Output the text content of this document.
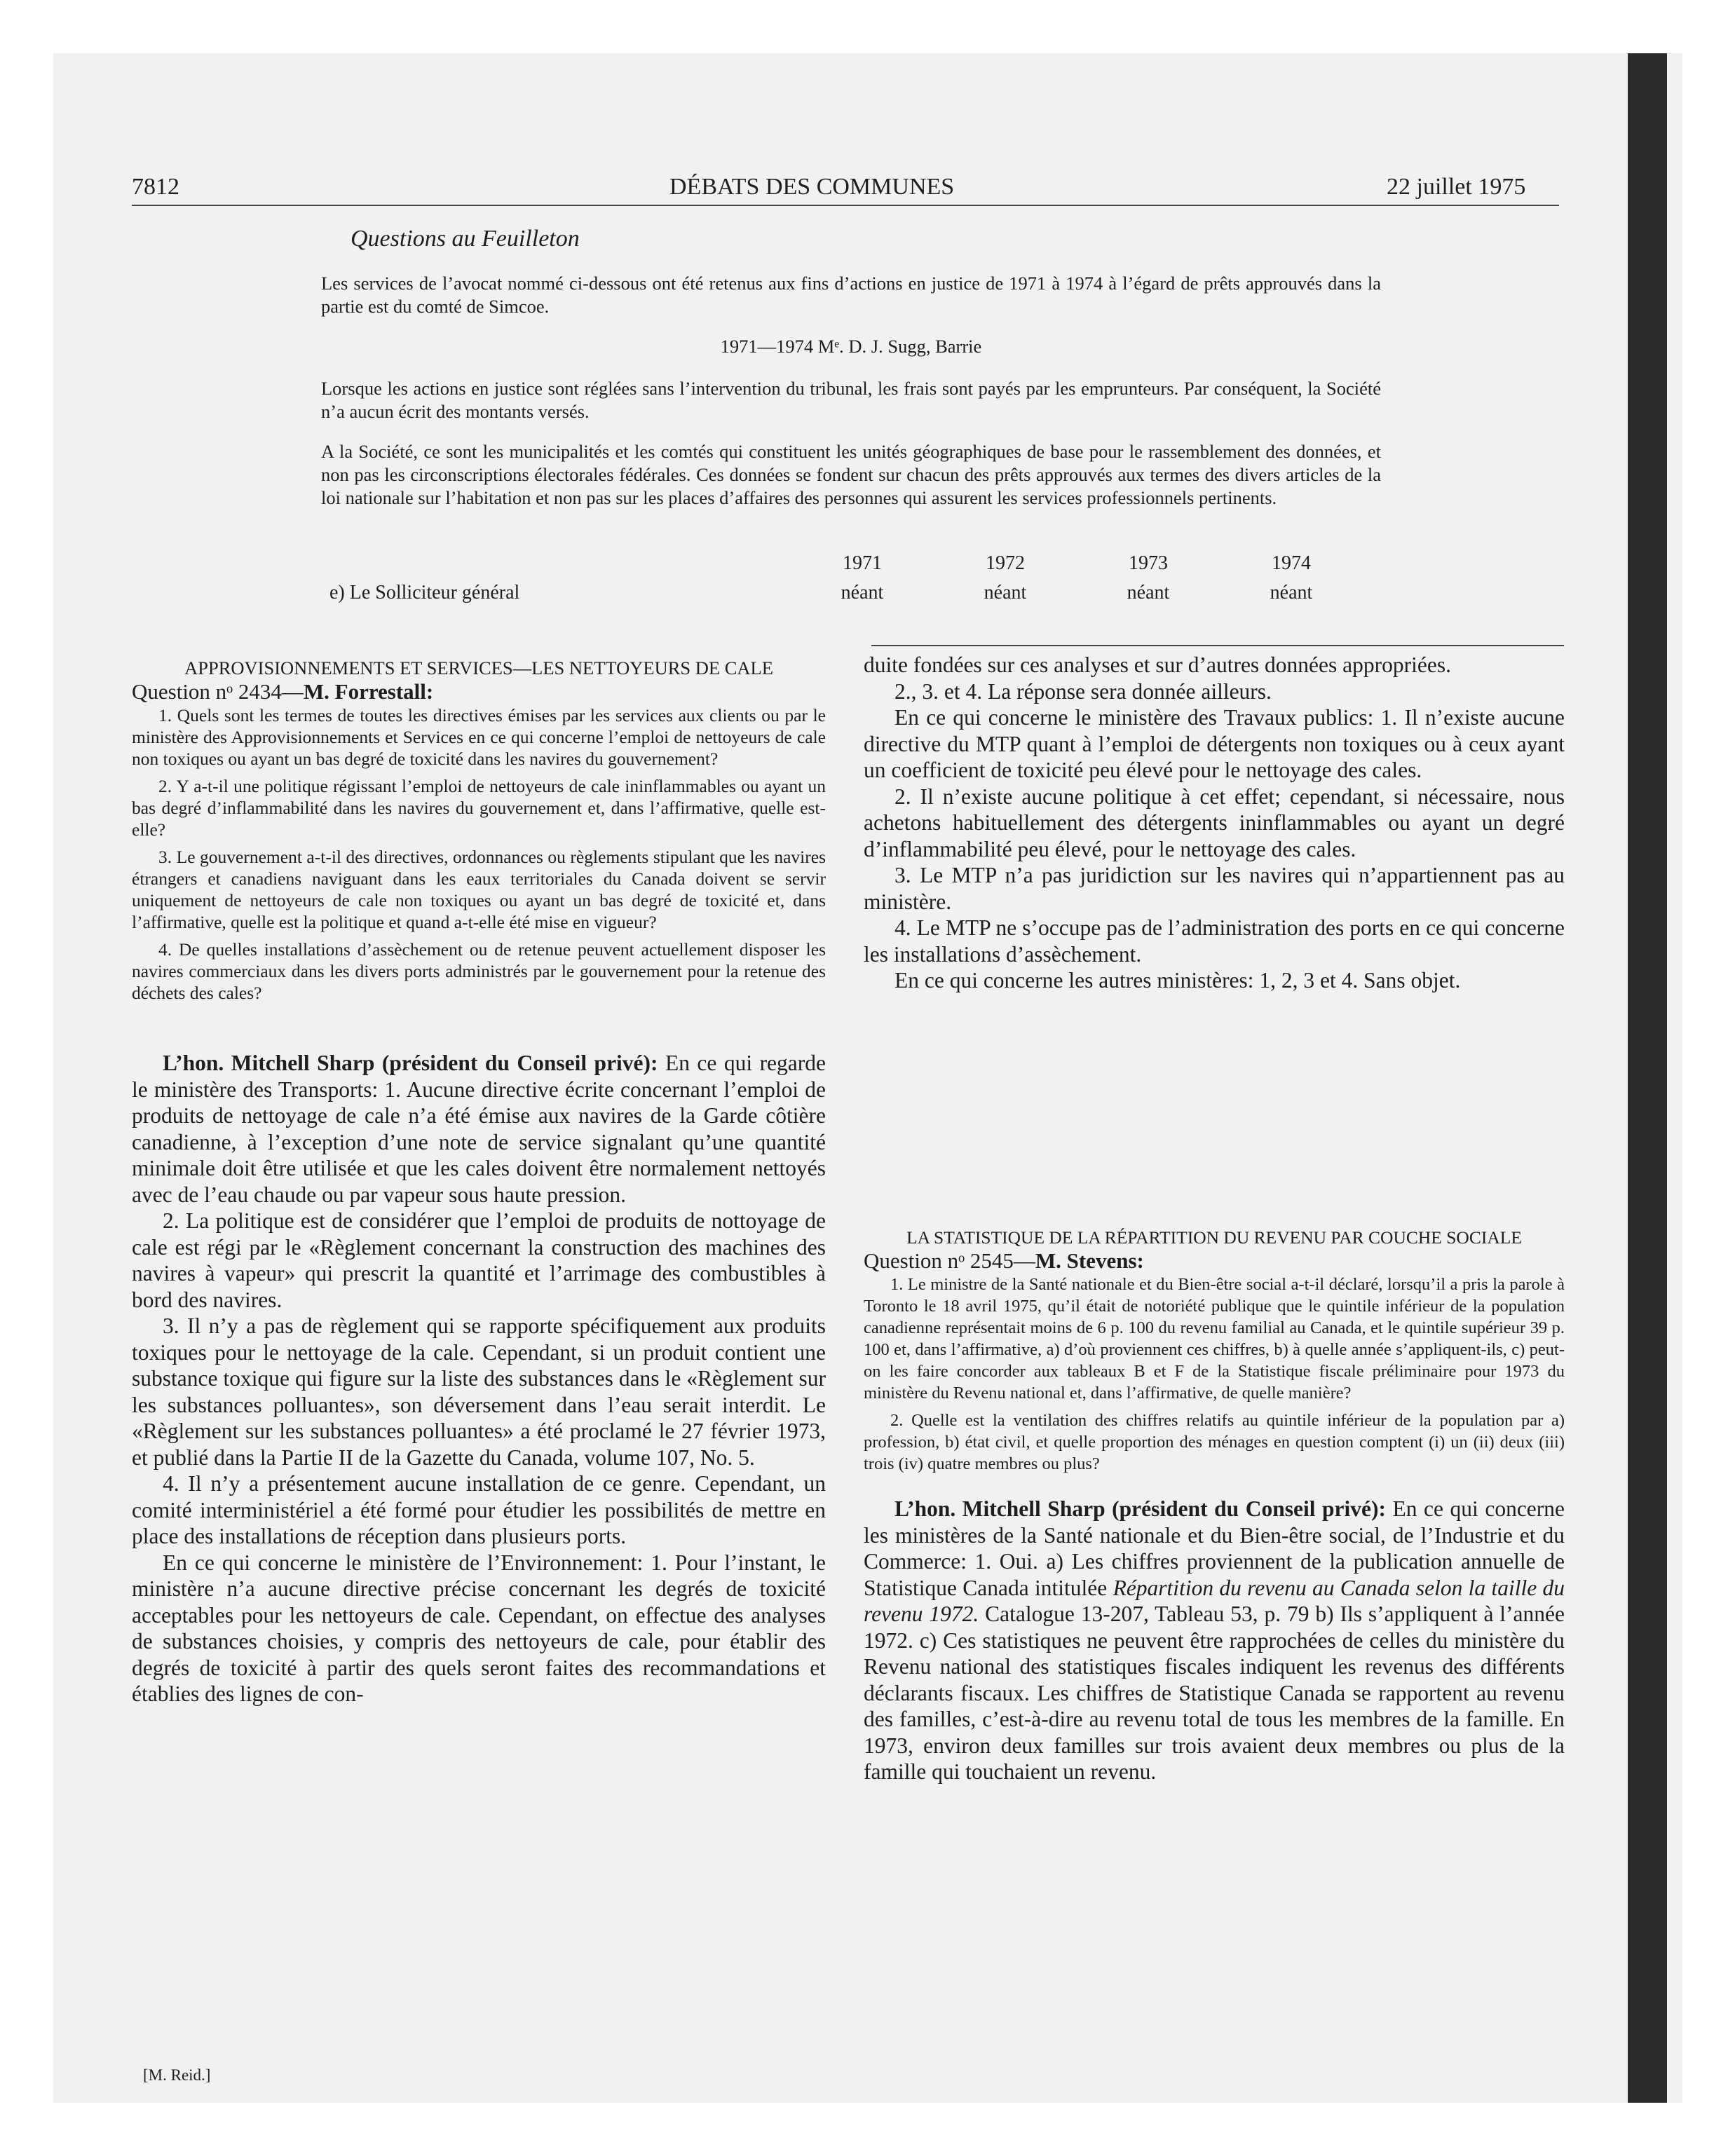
7812	DÉBATS DES COMMUNES	22 juillet 1975
Questions au Feuilleton
Les services de l’avocat nommé ci-dessous ont été retenus aux fins d’actions en justice de 1971 à 1974 à l’égard de prêts approuvés dans la partie est du comté de Simcoe.
1971—1974 Mᵉ. D. J. Sugg, Barrie
Lorsque les actions en justice sont réglées sans l’intervention du tribunal, les frais sont payés par les emprunteurs. Par conséquent, la Société n’a aucun écrit des montants versés.
A la Société, ce sont les municipalités et les comtés qui constituent les unités géographiques de base pour le rassemblement des données, et non pas les circonscriptions électorales fédérales. Ces données se fondent sur chacun des prêts approuvés aux termes des divers articles de la loi nationale sur l’habitation et non pas sur les places d’affaires des personnes qui assurent les services professionnels pertinents.
1971	1972	1973	1974
e) Le Solliciteur général	néant	néant	néant	néant

APPROVISIONNEMENTS ET SERVICES—LES NETTOYEURS DE CALE

Question nᵒ 2434—M. Forrestall:

1. Quels sont les termes de toutes les directives émises par les services aux clients ou par le ministère des Approvisionnements et Services en ce qui concerne l’emploi de nettoyeurs de cale non toxiques ou ayant un bas degré de toxicité dans les navires du gouvernement?

2. Y a-t-il une politique régissant l’emploi de nettoyeurs de cale ininflammables ou ayant un bas degré d’inflammabilité dans les navires du gouvernement et, dans l’affirmative, quelle est-elle?

3. Le gouvernement a-t-il des directives, ordonnances ou règlements stipulant que les navires étrangers et canadiens naviguant dans les eaux territoriales du Canada doivent se servir uniquement de nettoyeurs de cale non toxiques ou ayant un bas degré de toxicité et, dans l’affirmative, quelle est la politique et quand a-t-elle été mise en vigueur?

4. De quelles installations d’assèchement ou de retenue peuvent actuellement disposer les navires commerciaux dans les divers ports administrés par le gouvernement pour la retenue des déchets des cales?

L’hon. Mitchell Sharp (président du Conseil privé): En ce qui regarde le ministère des Transports: 1. Aucune directive écrite concernant l’emploi de produits de nettoyage de cale n’a été émise aux navires de la Garde côtière canadienne, à l’exception d’une note de service signalant qu’une quantité minimale doit être utilisée et que les cales doivent être normalement nettoyés avec de l’eau chaude ou par vapeur sous haute pression.

2. La politique est de considérer que l’emploi de produits de nottoyage de cale est régi par le «Règlement concernant la construction des machines des navires à vapeur» qui prescrit la quantité et l’arrimage des combustibles à bord des navires.

3. Il n’y a pas de règlement qui se rapporte spécifiquement aux produits toxiques pour le nettoyage de la cale. Cependant, si un produit contient une substance toxique qui figure sur la liste des substances dans le «Règlement sur les substances polluantes», son déversement dans l’eau serait interdit. Le «Règlement sur les substances polluantes» a été proclamé le 27 février 1973, et publié dans la Partie II de la Gazette du Canada, volume 107, No. 5.

4. Il n’y a présentement aucune installation de ce genre. Cependant, un comité interministériel a été formé pour étudier les possibilités de mettre en place des installations de réception dans plusieurs ports.

En ce qui concerne le ministère de l’Environnement: 1. Pour l’instant, le ministère n’a aucune directive précise concernant les degrés de toxicité acceptables pour les nettoyeurs de cale. Cependant, on effectue des analyses de substances choisies, y compris des nettoyeurs de cale, pour établir des degrés de toxicité à partir des quels seront faites des recommandations et établies des lignes de con-

[M. Reid.]

duite fondées sur ces analyses et sur d’autres données appropriées.

2., 3. et 4. La réponse sera donnée ailleurs.

En ce qui concerne le ministère des Travaux publics: 1. Il n’existe aucune directive du MTP quant à l’emploi de détergents non toxiques ou à ceux ayant un coefficient de toxicité peu élevé pour le nettoyage des cales.

2. Il n’existe aucune politique à cet effet; cependant, si nécessaire, nous achetons habituellement des détergents ininflammables ou ayant un degré d’inflammabilité peu élevé, pour le nettoyage des cales.

3. Le MTP n’a pas juridiction sur les navires qui n’appartiennent pas au ministère.

4. Le MTP ne s’occupe pas de l’administration des ports en ce qui concerne les installations d’assèchement.

En ce qui concerne les autres ministères: 1, 2, 3 et 4. Sans objet.

LA STATISTIQUE DE LA RÉPARTITION DU REVENU PAR COUCHE SOCIALE

Question nᵒ 2545—M. Stevens:

1. Le ministre de la Santé nationale et du Bien-être social a-t-il déclaré, lorsqu’il a pris la parole à Toronto le 18 avril 1975, qu’il était de notoriété publique que le quintile inférieur de la population canadienne représentait moins de 6 p. 100 du revenu familial au Canada, et le quintile supérieur 39 p. 100 et, dans l’affirmative, a) d’où proviennent ces chiffres, b) à quelle année s’appliquent-ils, c) peut-on les faire concorder aux tableaux B et F de la Statistique fiscale préliminaire pour 1973 du ministère du Revenu national et, dans l’affirmative, de quelle manière?

2. Quelle est la ventilation des chiffres relatifs au quintile inférieur de la population par a) profession, b) état civil, et quelle proportion des ménages en question comptent (i) un (ii) deux (iii) trois (iv) quatre membres ou plus?

L’hon. Mitchell Sharp (président du Conseil privé): En ce qui concerne les ministères de la Santé nationale et du Bien-être social, de l’Industrie et du Commerce: 1. Oui. a) Les chiffres proviennent de la publication annuelle de Statistique Canada intitulée Répartition du revenu au Canada selon la taille du revenu 1972. Catalogue 13-207, Tableau 53, p. 79 b) Ils s’appliquent à l’année 1972. c) Ces statistiques ne peuvent être rapprochées de celles du ministère du Revenu national des statistiques fiscales indiquent les revenus des différents déclarants fiscaux. Les chiffres de Statistique Canada se rapportent au revenu des familles, c’est-à-dire au revenu total de tous les membres de la famille. En 1973, environ deux familles sur trois avaient deux membres ou plus de la famille qui touchaient un revenu.
